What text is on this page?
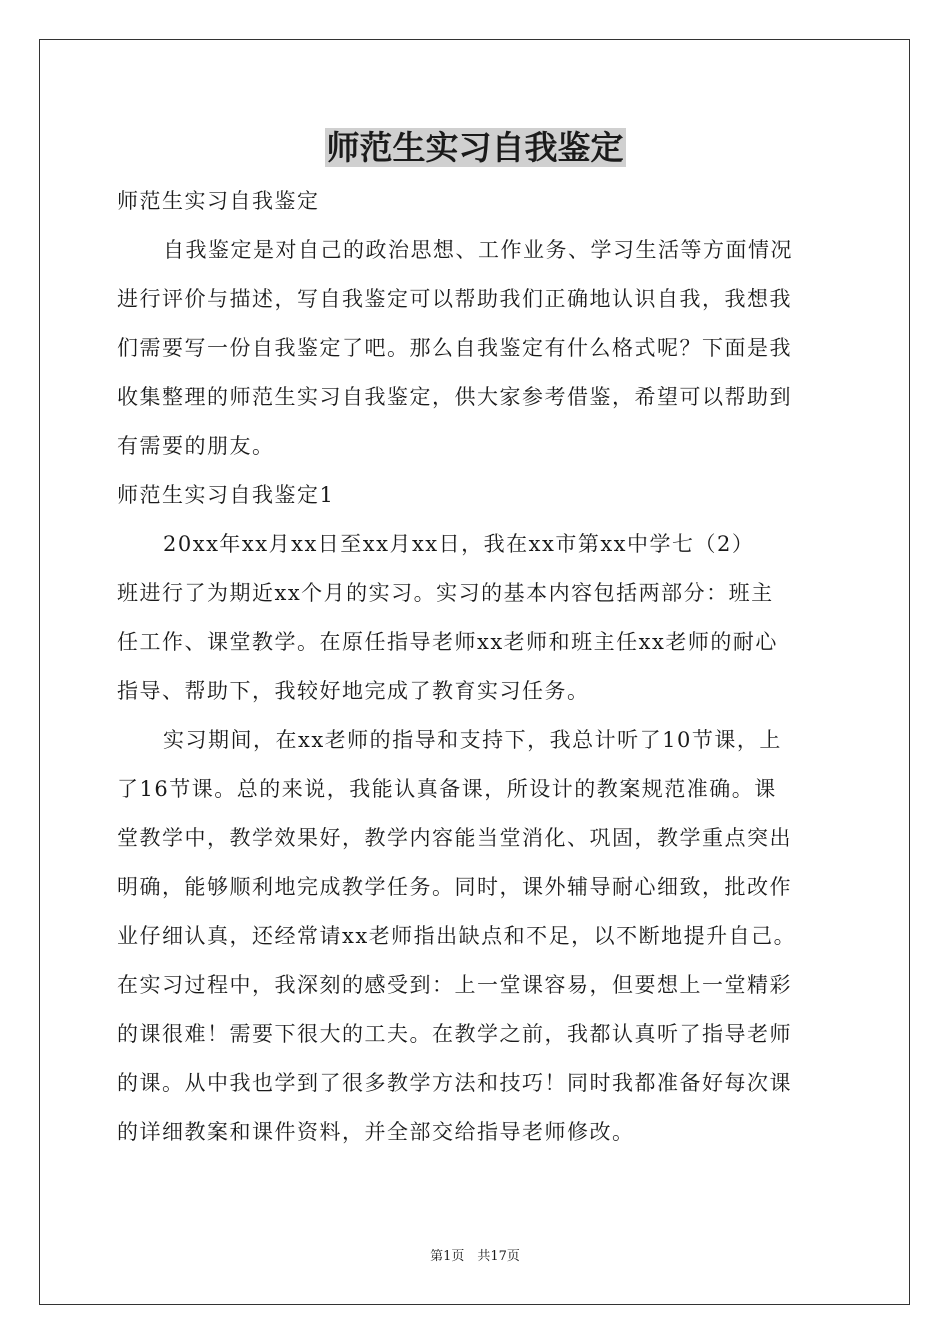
师范生实习自我鉴定
师范生实习自我鉴定
自我鉴定是对自己的政治思想、工作业务、学习生活等方面情况
进行评价与描述，写自我鉴定可以帮助我们正确地认识自我，我想我
们需要写一份自我鉴定了吧。那么自我鉴定有什么格式呢？下面是我
收集整理的师范生实习自我鉴定，供大家参考借鉴，希望可以帮助到
有需要的朋友。
师范生实习自我鉴定1
20xx年xx月xx日至xx月xx日，我在xx市第xx中学七（2）
班进行了为期近xx个月的实习。实习的基本内容包括两部分：班主
任工作、课堂教学。在原任指导老师xx老师和班主任xx老师的耐心
指导、帮助下，我较好地完成了教育实习任务。
实习期间，在xx老师的指导和支持下，我总计听了10节课，上
了16节课。总的来说，我能认真备课，所设计的教案规范准确。课
堂教学中，教学效果好，教学内容能当堂消化、巩固，教学重点突出
明确，能够顺利地完成教学任务。同时，课外辅导耐心细致，批改作
业仔细认真，还经常请xx老师指出缺点和不足，以不断地提升自己。
在实习过程中，我深刻的感受到：上一堂课容易，但要想上一堂精彩
的课很难！需要下很大的工夫。在教学之前，我都认真听了指导老师
的课。从中我也学到了很多教学方法和技巧！同时我都准备好每次课
的详细教案和课件资料，并全部交给指导老师修改。
第1页　共17页
